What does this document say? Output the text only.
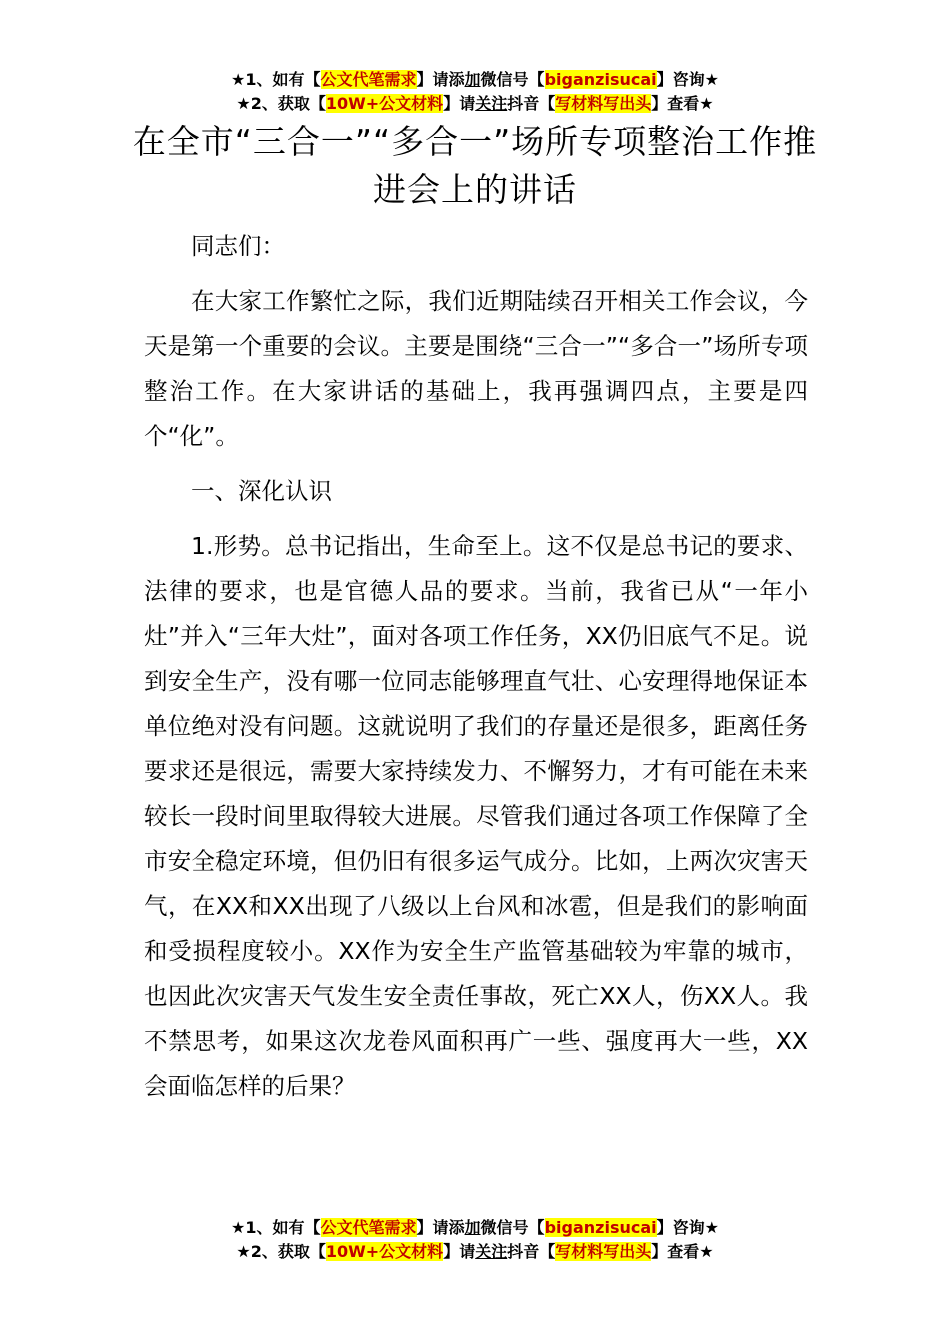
★1、如有【公文代笔需求】请添加微信号【biganzisucai】咨询★
★2、获取【10W+公文材料】请关注抖音【写材料写出头】查看★
在全市“三合一”“多合一”场所专项整治工作推进会上的讲话

同志们：

在大家工作繁忙之际，我们近期陆续召开相关工作会议，今天是第一个重要的会议。主要是围绕“三合一”“多合一”场所专项整治工作。在大家讲话的基础上，我再强调四点，主要是四个“化”。

一、深化认识

1.形势。总书记指出，生命至上。这不仅是总书记的要求、法律的要求，也是官德人品的要求。当前，我省已从“一年小灶”并入“三年大灶”，面对各项工作任务，XX仍旧底气不足。说到安全生产，没有哪一位同志能够理直气壮、心安理得地保证本单位绝对没有问题。这就说明了我们的存量还是很多，距离任务要求还是很远，需要大家持续发力、不懈努力，才有可能在未来较长一段时间里取得较大进展。尽管我们通过各项工作保障了全市安全稳定环境，但仍旧有很多运气成分。比如，上两次灾害天气，在XX和XX出现了八级以上台风和冰雹，但是我们的影响面和受损程度较小。XX作为安全生产监管基础较为牢靠的城市，也因此次灾害天气发生安全责任事故，死亡XX人，伤XX人。我不禁思考，如果这次龙卷风面积再广一些、强度再大一些，XX会面临怎样的后果？

★1、如有【公文代笔需求】请添加微信号【biganzisucai】咨询★
★2、获取【10W+公文材料】请关注抖音【写材料写出头】查看★
